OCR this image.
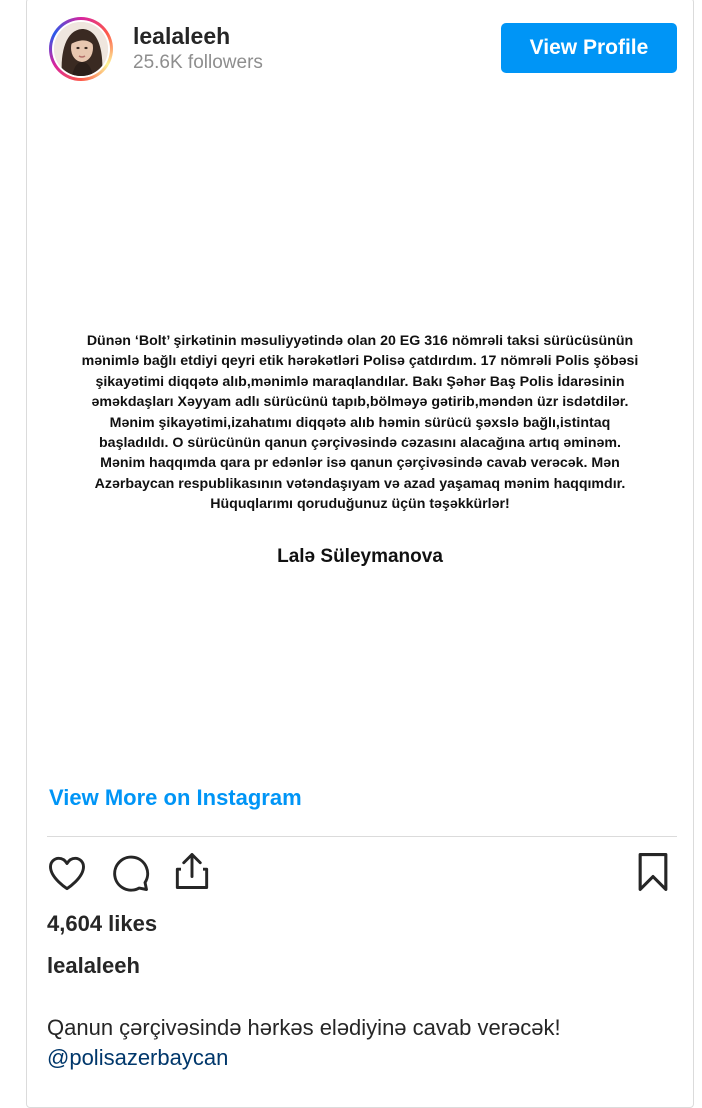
lealaleeh
25.6K followers
View Profile
Dünən ‘Bolt’ şirkətinin məsuliyyətində olan 20 EG 316 nömrəli taksi sürücüsünün
mənimlə bağlı etdiyi qeyri etik hərəkətləri Polisə çatdırdım. 17 nömrəli Polis şöbəsi
şikayətimi diqqətə alıb,mənimlə maraqlandılar. Bakı Şəhər Baş Polis İdarəsinin
əməkdaşları Xəyyam adlı sürücünü tapıb,bölməyə gətirib,məndən üzr isdətdilər.
Mənim şikayətimi,izahatımı diqqətə alıb həmin sürücü şəxslə bağlı,istintaq
başladıldı. O sürücünün qanun çərçivəsində cəzasını alacağına artıq əminəm.
Mənim haqqımda qara pr edənlər isə qanun çərçivəsində cavab verəcək. Mən
Azərbaycan respublikasının vətəndaşıyam və azad yaşamaq mənim haqqımdır.
Hüquqlarımı qoruduğunuz üçün təşəkkürlər!
Lalə Süleymanova
View More on Instagram
4,604 likes
lealaleeh
Qanun çərçivəsində hərkəs elədiyinə cavab verəcək!
@polisazerbaycan
